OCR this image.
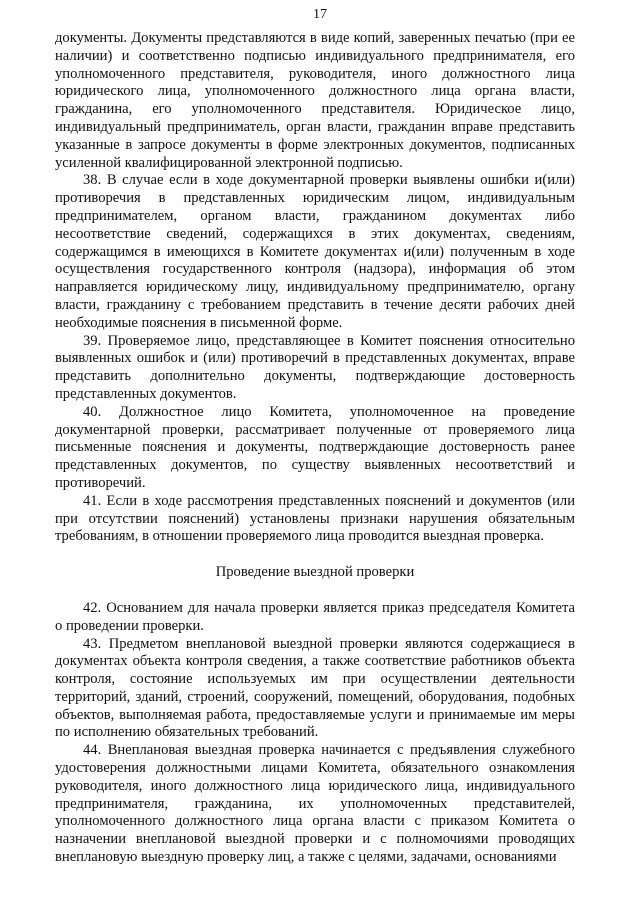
17

документы. Документы представляются в виде копий, заверенных печатью (при ее наличии) и соответственно подписью индивидуального предпринимателя, его уполномоченного представителя, руководителя, иного должностного лица юридического лица, уполномоченного должностного лица органа власти, гражданина, его уполномоченного представителя. Юридическое лицо, индивидуальный предприниматель, орган власти, гражданин вправе представить указанные в запросе документы в форме электронных документов, подписанных усиленной квалифицированной электронной подписью.

38. В случае если в ходе документарной проверки выявлены ошибки и(или) противоречия в представленных юридическим лицом, индивидуальным предпринимателем, органом власти, гражданином документах либо несоответствие сведений, содержащихся в этих документах, сведениям, содержащимся в имеющихся в Комитете документах и(или) полученным в ходе осуществления государственного контроля (надзора), информация об этом направляется юридическому лицу, индивидуальному предпринимателю, органу власти, гражданину с требованием представить в течение десяти рабочих дней необходимые пояснения в письменной форме.

39. Проверяемое лицо, представляющее в Комитет пояснения относительно выявленных ошибок и (или) противоречий в представленных документах, вправе представить дополнительно документы, подтверждающие достоверность представленных документов.

40. Должностное лицо Комитета, уполномоченное на проведение документарной проверки, рассматривает полученные от проверяемого лица письменные пояснения и документы, подтверждающие достоверность ранее представленных документов, по существу выявленных несоответствий и противоречий.

41. Если в ходе рассмотрения представленных пояснений и документов (или при отсутствии пояснений) установлены признаки нарушения обязательным требованиям, в отношении проверяемого лица проводится выездная проверка.

Проведение выездной проверки

42. Основанием для начала проверки является приказ председателя Комитета о проведении проверки.

43. Предметом внеплановой выездной проверки являются содержащиеся в документах объекта контроля сведения, а также соответствие работников объекта контроля, состояние используемых им при осуществлении деятельности территорий, зданий, строений, сооружений, помещений, оборудования, подобных объектов, выполняемая работа, предоставляемые услуги и принимаемые им меры по исполнению обязательных требований.

44. Внеплановая выездная проверка начинается с предъявления служебного удостоверения должностными лицами Комитета, обязательного ознакомления руководителя, иного должностного лица юридического лица, индивидуального предпринимателя, гражданина, их уполномоченных представителей, уполномоченного должностного лица органа власти с приказом Комитета о назначении внеплановой выездной проверки и с полномочиями проводящих внеплановую выездную проверку лиц, а также с целями, задачами, основаниями
